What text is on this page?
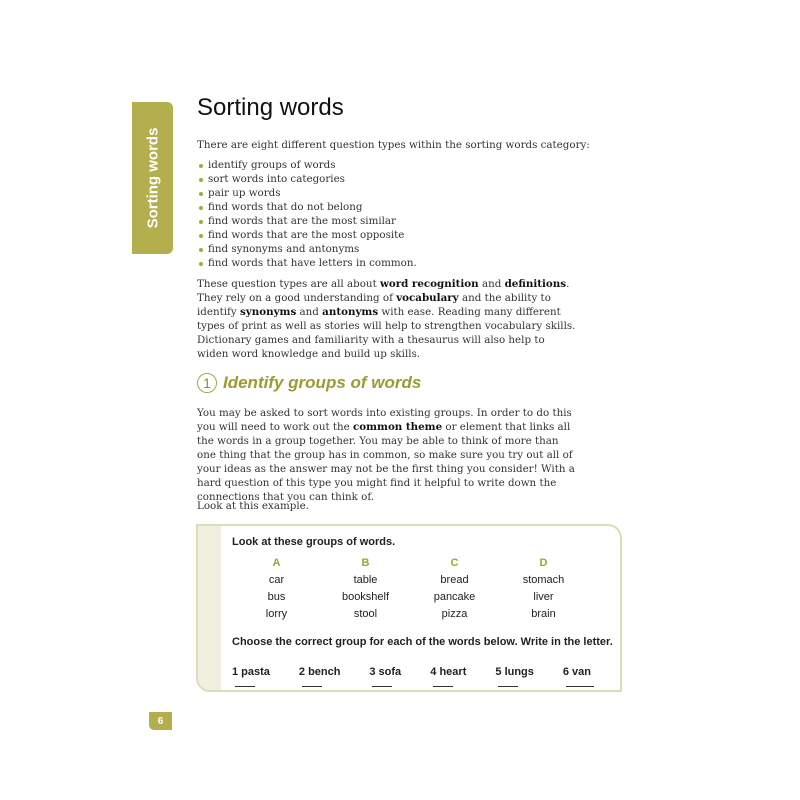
Sorting words
Sorting words
There are eight different question types within the sorting words category:
identify groups of words
sort words into categories
pair up words
find words that do not belong
find words that are the most similar
find words that are the most opposite
find synonyms and antonyms
find words that have letters in common.
These question types are all about word recognition and definitions. They rely on a good understanding of vocabulary and the ability to identify synonyms and antonyms with ease. Reading many different types of print as well as stories will help to strengthen vocabulary skills. Dictionary games and familiarity with a thesaurus will also help to widen word knowledge and build up skills.
1 Identify groups of words
You may be asked to sort words into existing groups. In order to do this you will need to work out the common theme or element that links all the words in a group together. You may be able to think of more than one thing that the group has in common, so make sure you try out all of your ideas as the answer may not be the first thing you consider! With a hard question of this type you might find it helpful to write down the connections that you can think of.
Look at this example.
Look at these groups of words.
A	B	C	D
car	table	bread	stomach
bus	bookshelf	pancake	liver
lorry	stool	pizza	brain
Choose the correct group for each of the words below. Write in the letter.
1 pasta	2 bench	3 sofa	4 heart	5 lungs	6 van
6
